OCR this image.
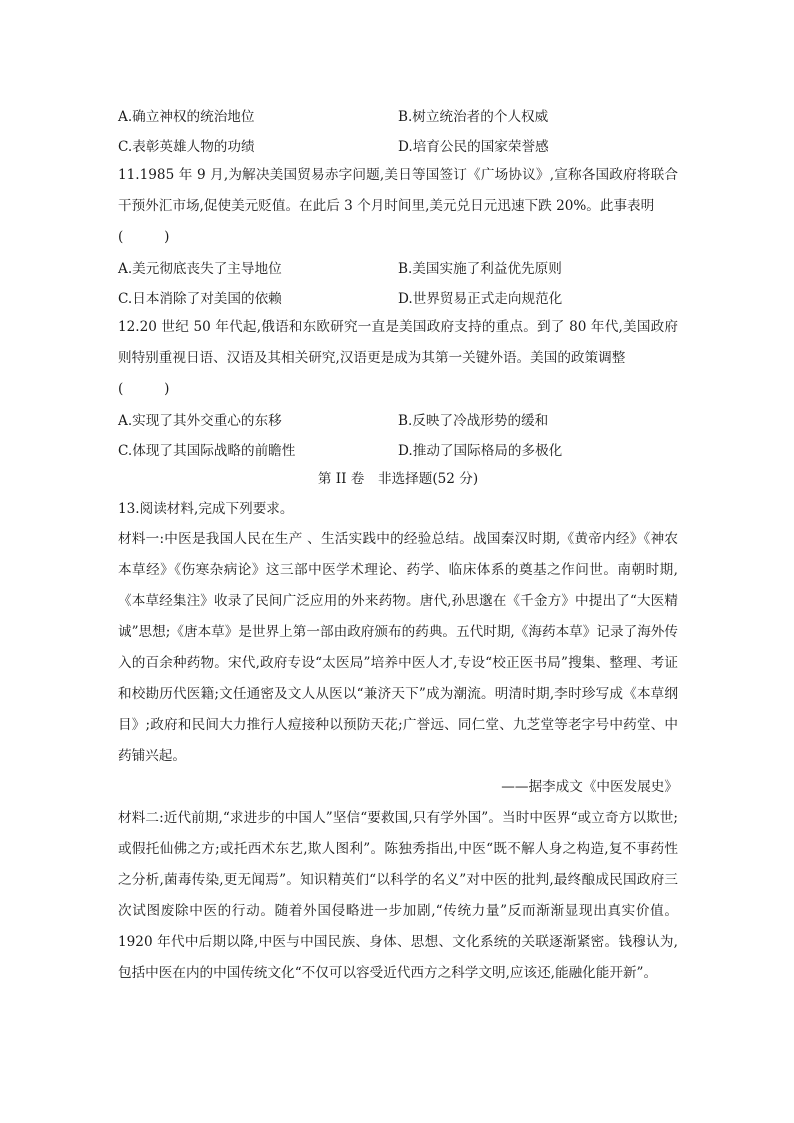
A.确立神权的统治地位	B.树立统治者的个人权威
C.表彰英雄人物的功绩	D.培育公民的国家荣誉感

11.1985 年 9 月,为解决美国贸易赤字问题,美日等国签订《广场协议》,宣称各国政府将联合干预外汇市场,促使美元贬值。在此后 3 个月时间里,美元兑日元迅速下跌 20%。此事表明

(　　　)
A.美元彻底丧失了主导地位	B.美国实施了利益优先原则
C.日本消除了对美国的依赖	D.世界贸易正式走向规范化

12.20 世纪 50 年代起,俄语和东欧研究一直是美国政府支持的重点。到了 80 年代,美国政府则特别重视日语、汉语及其相关研究,汉语更是成为其第一关键外语。美国的政策调整

(　　　)
A.实现了其外交重心的东移	B.反映了冷战形势的缓和
C.体现了其国际战略的前瞻性	D.推动了国际格局的多极化
第 II 卷　非选择题(52 分)
13.阅读材料,完成下列要求。

材料一:中医是我国人民在生产 、生活实践中的经验总结。战国秦汉时期,《黄帝内经》《神农本草经》《伤寒杂病论》这三部中医学术理论、药学、临床体系的奠基之作问世。南朝时期,《本草经集注》收录了民间广泛应用的外来药物。唐代,孙思邈在《千金方》中提出了“大医精诚”思想;《唐本草》是世界上第一部由政府颁布的药典。五代时期,《海药本草》记录了海外传入的百余种药物。宋代,政府专设“太医局”培养中医人才,专设“校正医书局”搜集、整理、考证和校勘历代医籍;文任通密及文人从医以“兼济天下”成为潮流。明清时期,李时珍写成《本草纲目》;政府和民间大力推行人痘接种以预防天花;广誉远、同仁堂、九芝堂等老字号中药堂、中药铺兴起。

——据李成文《中医发展史》

材料二:近代前期,“求进步的中国人”坚信“要救国,只有学外国”。当时中医界“或立奇方以欺世;或假托仙佛之方;或托西术东艺,欺人图利”。陈独秀指出,中医“既不解人身之构造,复不事药性之分析,菌毒传染,更无闻焉”。知识精英们“以科学的名义”对中医的批判,最终酿成民国政府三次试图废除中医的行动。随着外国侵略进一步加剧,“传统力量”反而渐渐显现出真实价值。1920 年代中后期以降,中医与中国民族、身体、思想、文化系统的关联逐渐紧密。钱穆认为,包括中医在内的中国传统文化“不仅可以容受近代西方之科学文明,应该还,能融化能开新”。
